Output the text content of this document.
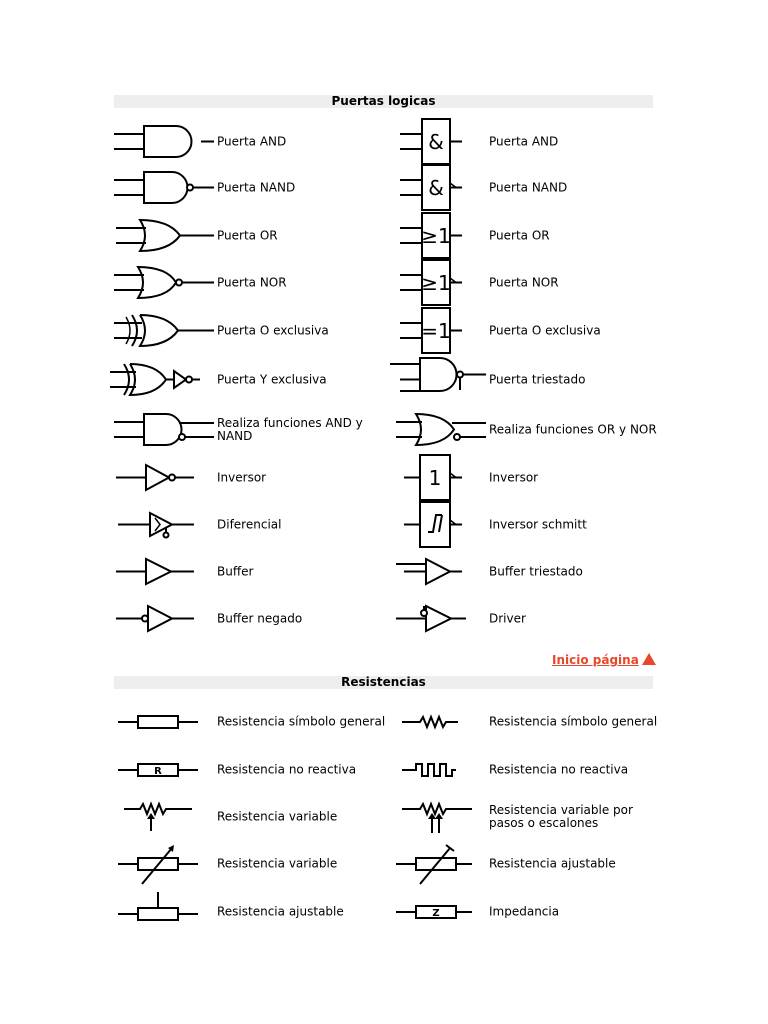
Puertas logicas
Puerta AND
Puerta NAND
Puerta OR
Puerta NOR
Puerta O exclusiva
Puerta Y exclusiva
Realiza funciones AND y NAND
Inversor
Diferencial
Buffer
Buffer negado
&	Puerta AND
&	Puerta NAND
≥1	Puerta OR
≥1	Puerta NOR
=1	Puerta O exclusiva
Puerta triestado
Realiza funciones OR y NOR
1	Inversor
Inversor schmitt
Buffer triestado
Driver
Inicio página
Resistencias
Resistencia símbolo general
R	Resistencia no reactiva
Resistencia variable
Resistencia variable
Resistencia ajustable
Resistencia símbolo general
Resistencia no reactiva
Resistencia variable por pasos o escalones
Resistencia ajustable
Z	Impedancia
